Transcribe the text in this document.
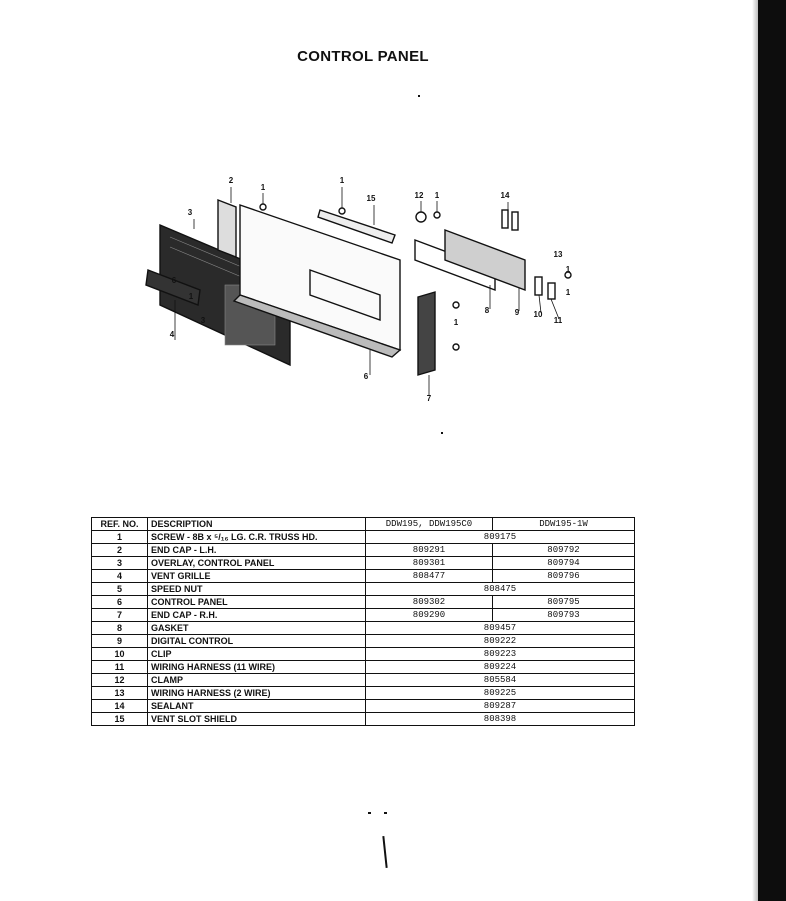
CONTROL PANEL
2
1
1
15	12 1	14
3
6
1
4
3
13
1
1
8	9 10
11
1
6
7
REF. NO.	DESCRIPTION	DDW195, DDW195C0	DDW195-1W
1	SCREW - 8B x ⁵/₁₆ LG. C.R. TRUSS HD.	809175	
2	END CAP - L.H.	809291	809792
3	OVERLAY, CONTROL PANEL	809301	809794
4	VENT GRILLE	808477	809796
5	SPEED NUT	808475	
6	CONTROL PANEL	809302	809795
7	END CAP - R.H.	809290	809793
8	GASKET	809457	
9	DIGITAL CONTROL	809222	
10	CLIP	809223	
11	WIRING HARNESS (11 WIRE)	809224	
12	CLAMP	805584	
13	WIRING HARNESS (2 WIRE)	809225	
14	SEALANT	809287	
15	VENT SLOT SHIELD	808398	
